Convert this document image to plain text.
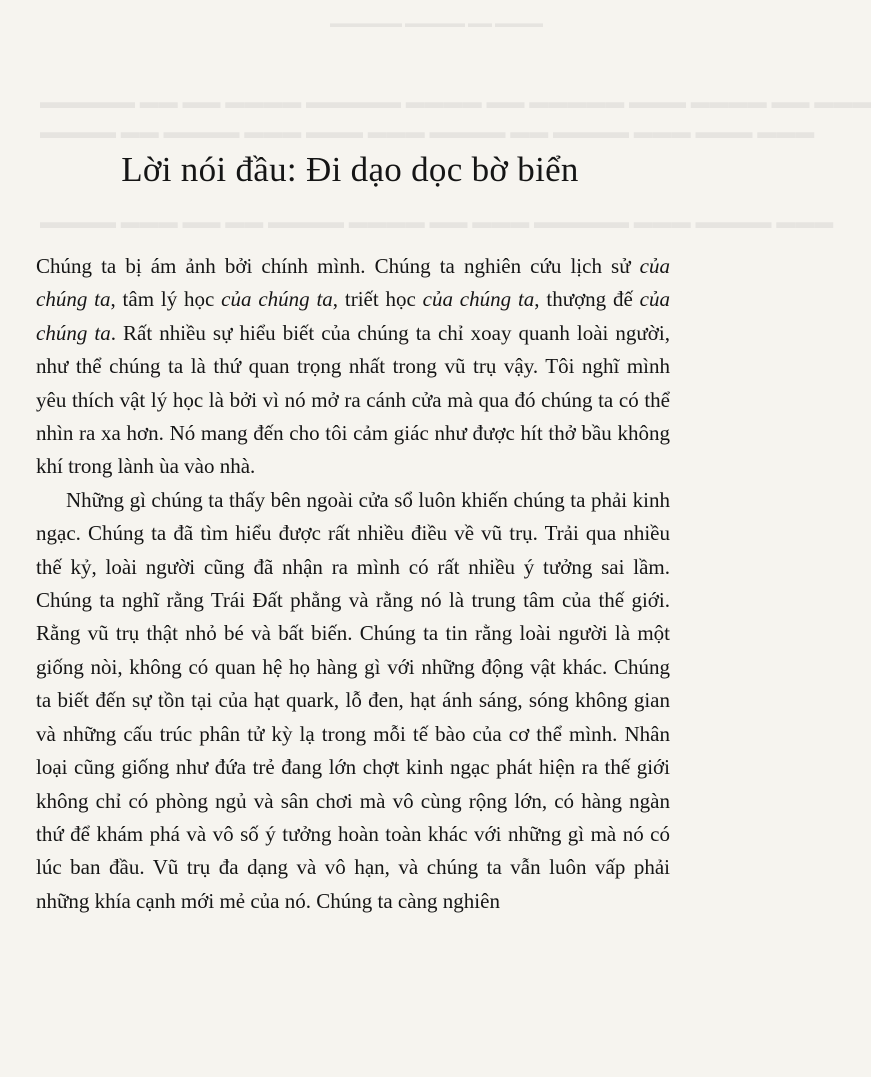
▬▬▬▬ ▬▬ ▬▬▬▬▬ ▬▬▬▬▬▬
▬▬▬ ▬▬ ▬▬▬▬ ▬▬▬ ▬▬▬▬▬ ▬▬ ▬▬▬▬ ▬▬▬▬▬ ▬▬▬▬ ▬▬ ▬▬ ▬▬▬▬▬
▬▬▬ ▬▬▬ ▬▬▬ ▬▬▬▬ ▬▬ ▬▬▬▬ ▬▬▬ ▬▬▬ ▬▬▬ ▬▬▬▬ ▬▬ ▬▬▬▬
▬▬▬ ▬▬▬▬ ▬▬▬ ▬▬▬▬▬ ▬▬▬ ▬▬ ▬▬▬▬ ▬▬▬▬ ▬▬ ▬▬ ▬▬▬ ▬▬▬▬
Lời nói đầu: Đi dạo dọc bờ biển

Chúng ta bị ám ảnh bởi chính mình. Chúng ta nghiên cứu lịch sử của chúng ta, tâm lý học của chúng ta, triết học của chúng ta, thượng đế của chúng ta. Rất nhiều sự hiểu biết của chúng ta chỉ xoay quanh loài người, như thể chúng ta là thứ quan trọng nhất trong vũ trụ vậy. Tôi nghĩ mình yêu thích vật lý học là bởi vì nó mở ra cánh cửa mà qua đó chúng ta có thể nhìn ra xa hơn. Nó mang đến cho tôi cảm giác như được hít thở bầu không khí trong lành ùa vào nhà.

Những gì chúng ta thấy bên ngoài cửa sổ luôn khiến chúng ta phải kinh ngạc. Chúng ta đã tìm hiểu được rất nhiều điều về vũ trụ. Trải qua nhiều thế kỷ, loài người cũng đã nhận ra mình có rất nhiều ý tưởng sai lầm. Chúng ta nghĩ rằng Trái Đất phẳng và rằng nó là trung tâm của thế giới. Rằng vũ trụ thật nhỏ bé và bất biến. Chúng ta tin rằng loài người là một giống nòi, không có quan hệ họ hàng gì với những động vật khác. Chúng ta biết đến sự tồn tại của hạt quark, lỗ đen, hạt ánh sáng, sóng không gian và những cấu trúc phân tử kỳ lạ trong mỗi tế bào của cơ thể mình. Nhân loại cũng giống như đứa trẻ đang lớn chợt kinh ngạc phát hiện ra thế giới không chỉ có phòng ngủ và sân chơi mà vô cùng rộng lớn, có hàng ngàn thứ để khám phá và vô số ý tưởng hoàn toàn khác với những gì mà nó có lúc ban đầu. Vũ trụ đa dạng và vô hạn, và chúng ta vẫn luôn vấp phải những khía cạnh mới mẻ của nó. Chúng ta càng nghiên
